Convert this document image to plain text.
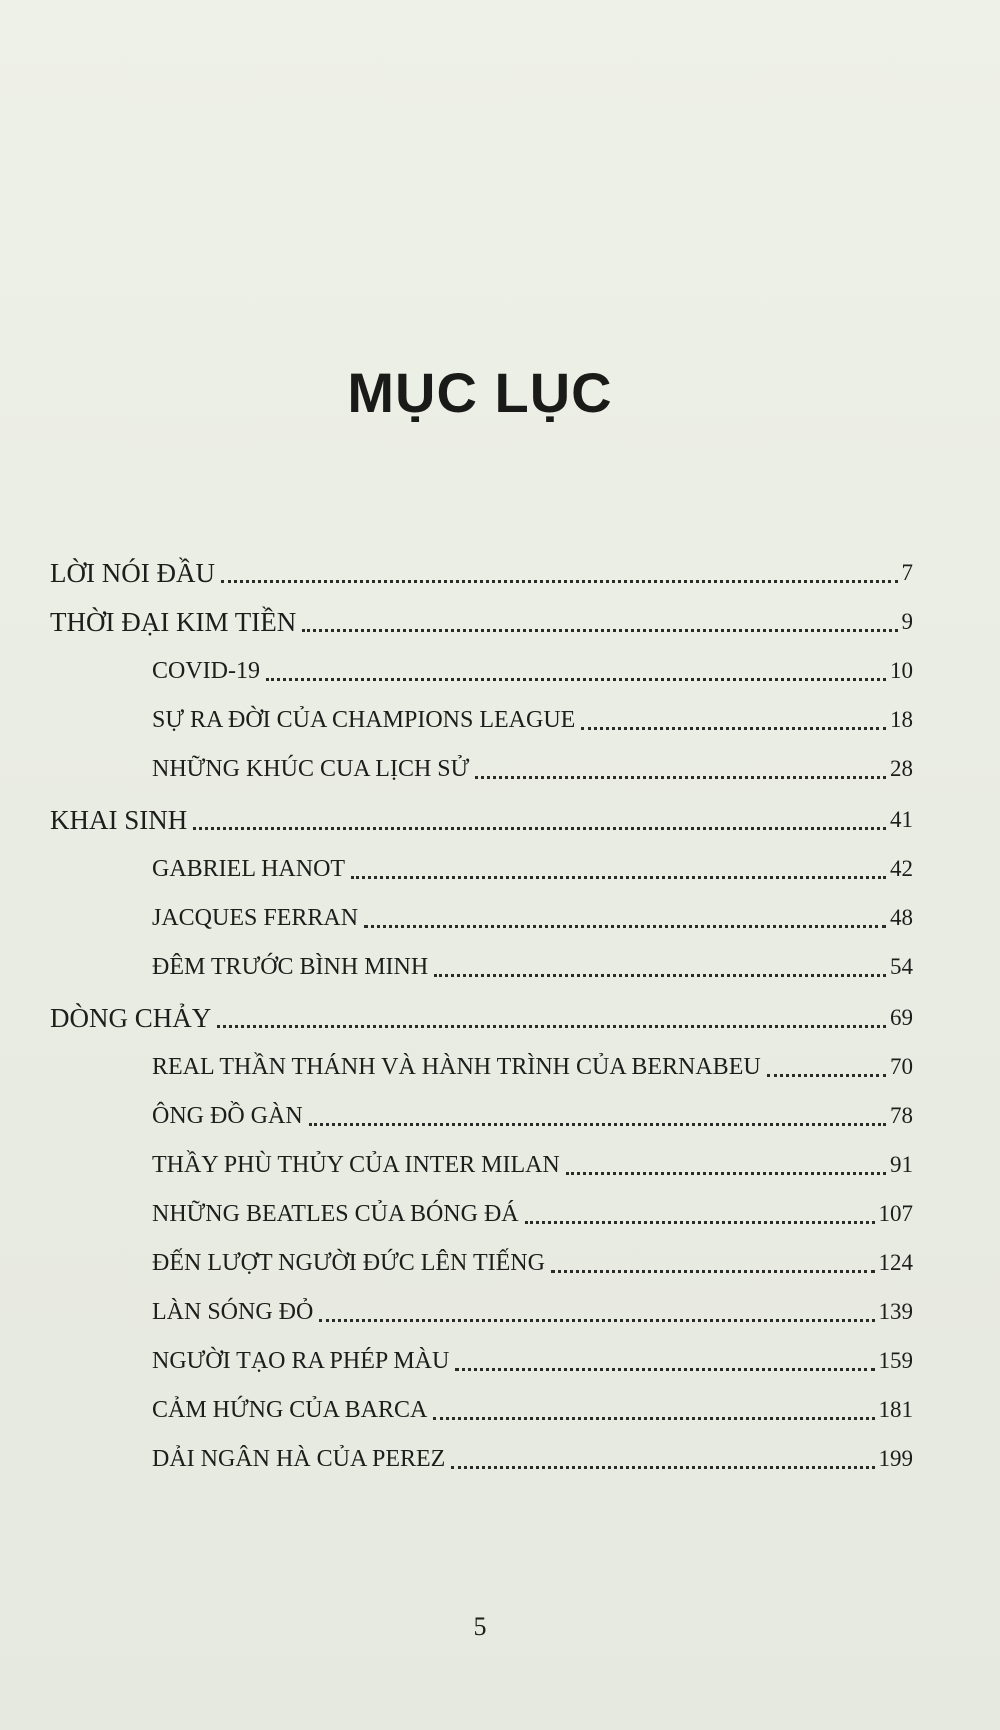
MỤC LỤC
LỜI NÓI ĐẦU	7
THỜI ĐẠI KIM TIỀN	9
COVID-19	10
SỰ RA ĐỜI CỦA CHAMPIONS LEAGUE	18
NHỮNG KHÚC CUA LỊCH SỬ	28
KHAI SINH	41
GABRIEL HANOT	42
JACQUES FERRAN	48
ĐÊM TRƯỚC BÌNH MINH	54
DÒNG CHẢY	69
REAL THẦN THÁNH VÀ HÀNH TRÌNH CỦA BERNABEU	70
ÔNG ĐỒ GÀN	78
THẦY PHÙ THỦY CỦA INTER MILAN	91
NHỮNG BEATLES CỦA BÓNG ĐÁ	107
ĐẾN LƯỢT NGƯỜI ĐỨC LÊN TIẾNG	124
LÀN SÓNG ĐỎ	139
NGƯỜI TẠO RA PHÉP MÀU	159
CẢM HỨNG CỦA BARCA	181
DẢI NGÂN HÀ CỦA PEREZ	199
5
